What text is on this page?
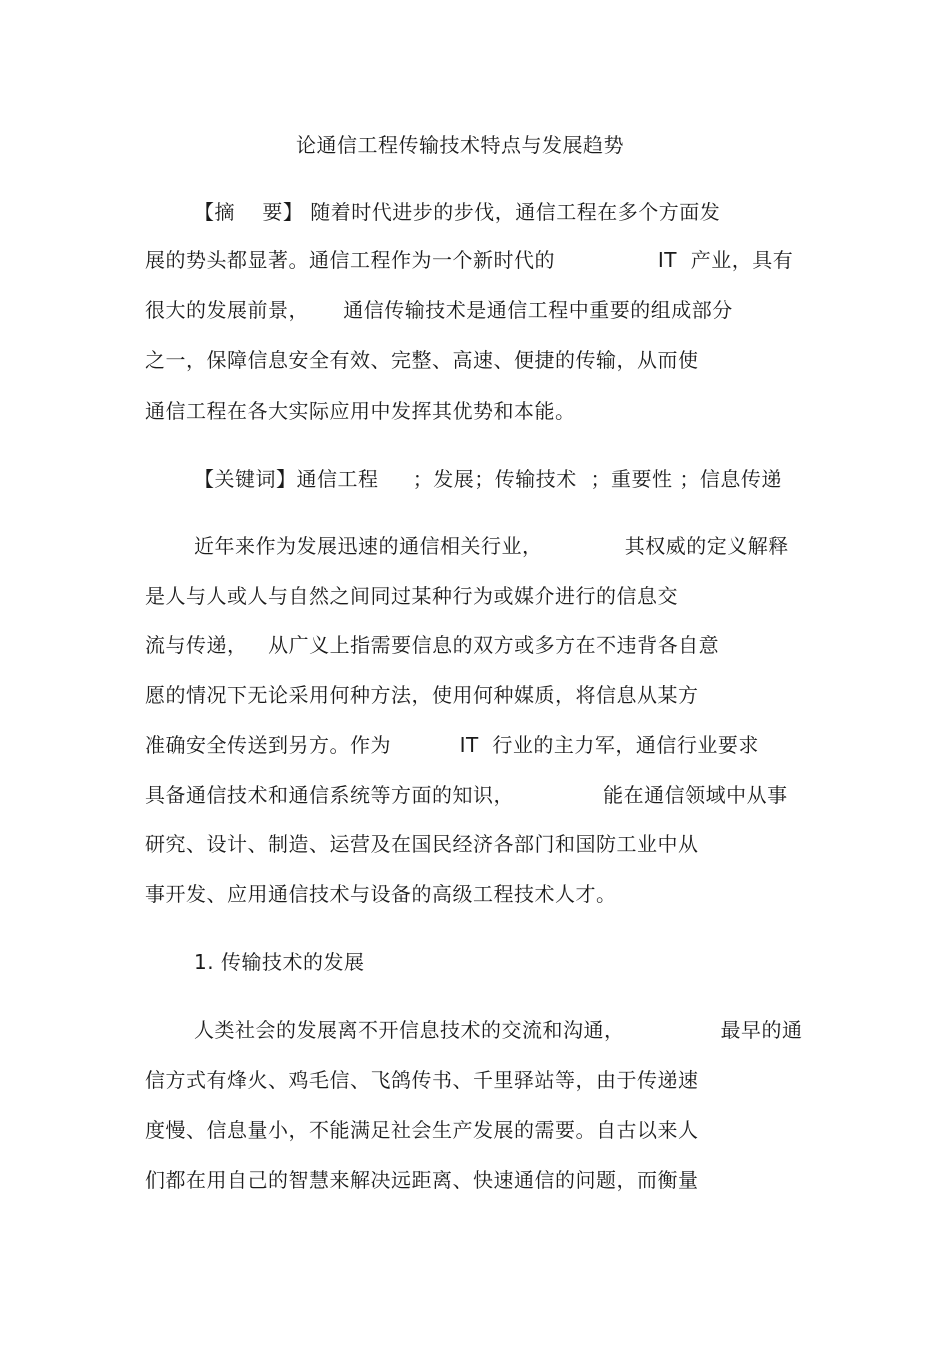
论通信工程传输技术特点与发展趋势
【摘    要】 随着时代进步的步伐，通信工程在多个方面发
展的势头都显著。通信工程作为一个新时代的               IT  产业，具有
很大的发展前景，     通信传输技术是通信工程中重要的组成部分
之一，保障信息安全有效、完整、高速、便捷的传输，从而使
通信工程在各大实际应用中发挥其优势和本能。
【关键词】通信工程     ；发展；传输技术  ；重要性 ；信息传递
近年来作为发展迅速的通信相关行业，            其权威的定义解释
是人与人或人与自然之间同过某种行为或媒介进行的信息交
流与传递，   从广义上指需要信息的双方或多方在不违背各自意
愿的情况下无论采用何种方法，使用何种媒质，将信息从某方
准确安全传送到另方。作为          IT  行业的主力军，通信行业要求
具备通信技术和通信系统等方面的知识，             能在通信领域中从事
研究、设计、制造、运营及在国民经济各部门和国防工业中从
事开发、应用通信技术与设备的高级工程技术人才。
1. 传输技术的发展
人类社会的发展离不开信息技术的交流和沟通，              最早的通
信方式有烽火、鸡毛信、飞鸽传书、千里驿站等，由于传递速
度慢、信息量小，不能满足社会生产发展的需要。自古以来人
们都在用自己的智慧来解决远距离、快速通信的问题，而衡量
